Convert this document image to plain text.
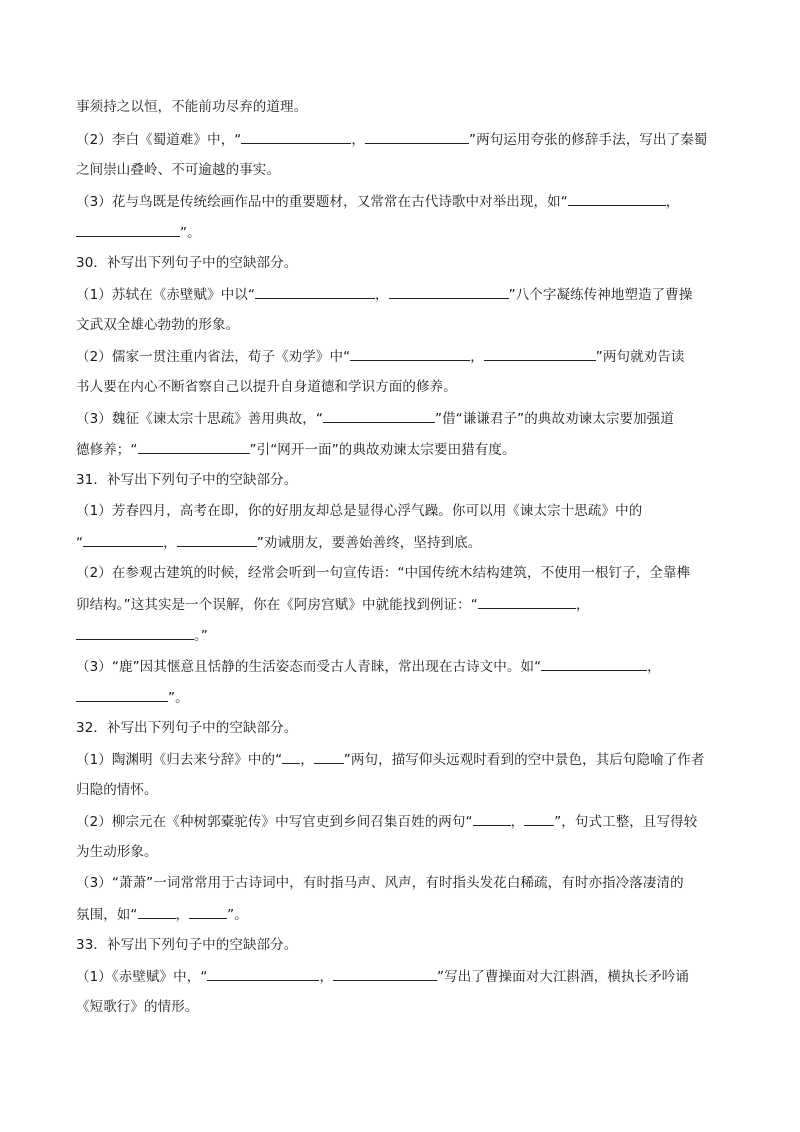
事须持之以恒，不能前功尽弃的道理。
（2）李白《蜀道难》中，“	，	”两句运用夸张的修辞手法，写出了秦蜀
之间崇山叠岭、不可逾越的事实。
（3）花与鸟既是传统绘画作品中的重要题材，又常常在古代诗歌中对举出现，如“	，
”。
30．补写出下列句子中的空缺部分。
（1）苏轼在《赤壁赋》中以“	，	”八个字凝练传神地塑造了曹操
文武双全雄心勃勃的形象。
（2）儒家一贯注重内省法，荀子《劝学》中“	，	”两句就劝告读
书人要在内心不断省察自己以提升自身道德和学识方面的修养。
（3）魏征《谏太宗十思疏》善用典故，“	”借“谦谦君子”的典故劝谏太宗要加强道
德修养；“	”引“网开一面”的典故劝谏太宗要田猎有度。
31．补写出下列句子中的空缺部分。
（1）芳春四月，高考在即，你的好朋友却总是显得心浮气躁。你可以用《谏太宗十思疏》中的
“	，	”劝诫朋友，要善始善终，坚持到底。
（2）在参观古建筑的时候，经常会听到一句宣传语：“中国传统木结构建筑，不使用一根钉子，全靠榫
卯结构。”这其实是一个误解，你在《阿房宫赋》中就能找到例证：“	，
。”
（3）“鹿”因其惬意且恬静的生活姿态而受古人青睐，常出现在古诗文中。如“	，
”。
32．补写出下列句子中的空缺部分。
（1）陶渊明《归去来兮辞》中的“ ， ”两句，描写仰头远观时看到的空中景色，其后句隐喻了作者
归隐的情怀。
（2）柳宗元在《种树郭橐驼传》中写官吏到乡间召集百姓的两句“	， ”，句式工整，且写得较
为生动形象。
（3）“萧萧”一词常常用于古诗词中，有时指马声、风声，有时指头发花白稀疏，有时亦指冷落凄清的
氛围，如“	，	”。
33．补写出下列句子中的空缺部分。
（1）《赤壁赋》中，“	，	”写出了曹操面对大江斟酒，横执长矛吟诵
《短歌行》的情形。
